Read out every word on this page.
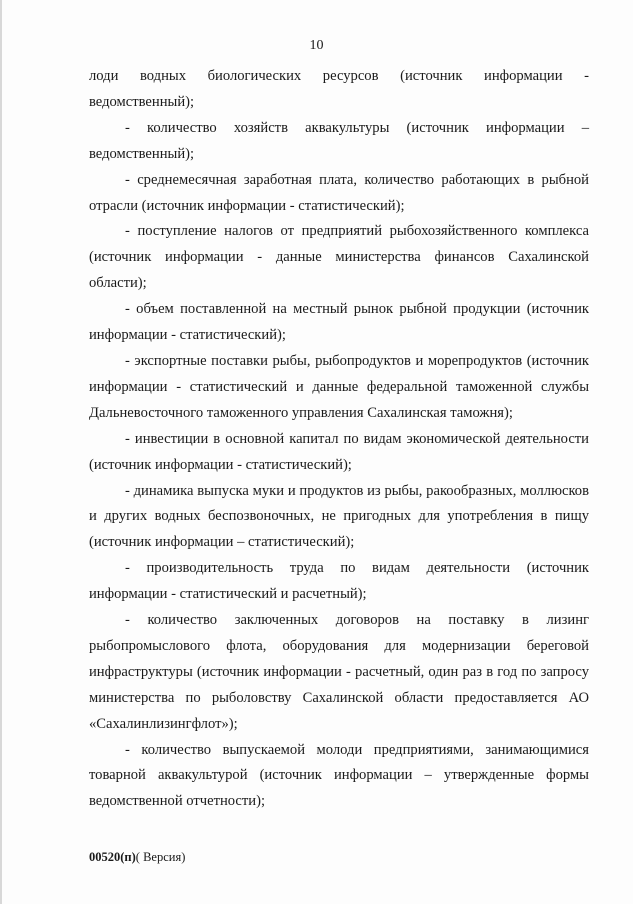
10

лоди водных биологических ресурсов (источник информации - ведомственный);

- количество хозяйств аквакультуры (источник информации – ведомственный);

- среднемесячная заработная плата, количество работающих в рыбной отрасли (источник информации - статистический);

- поступление налогов от предприятий рыбохозяйственного комплекса (источник информации - данные министерства финансов Сахалинской области);

- объем поставленной на местный рынок рыбной продукции (источник информации - статистический);

- экспортные поставки рыбы, рыбопродуктов и морепродуктов (источник информации - статистический и данные федеральной таможенной службы Дальневосточного таможенного управления Сахалинская таможня);

- инвестиции в основной капитал по видам экономической деятельности (источник информации - статистический);

- динамика выпуска муки и продуктов из рыбы, ракообразных, моллюсков и других водных беспозвоночных, не пригодных для употребления в пищу (источник информации – статистический);

- производительность труда по видам деятельности (источник информации - статистический и расчетный);

- количество заключенных договоров на поставку в лизинг рыбопромыслового флота, оборудования для модернизации береговой инфраструктуры (источник информации - расчетный, один раз в год по запросу министерства по рыболовству Сахалинской области предоставляется АО «Сахалинлизингфлот»);

- количество выпускаемой молоди предприятиями, занимающимися товарной аквакультурой (источник информации – утвержденные формы ведомственной отчетности);

00520(п)( Версия)
